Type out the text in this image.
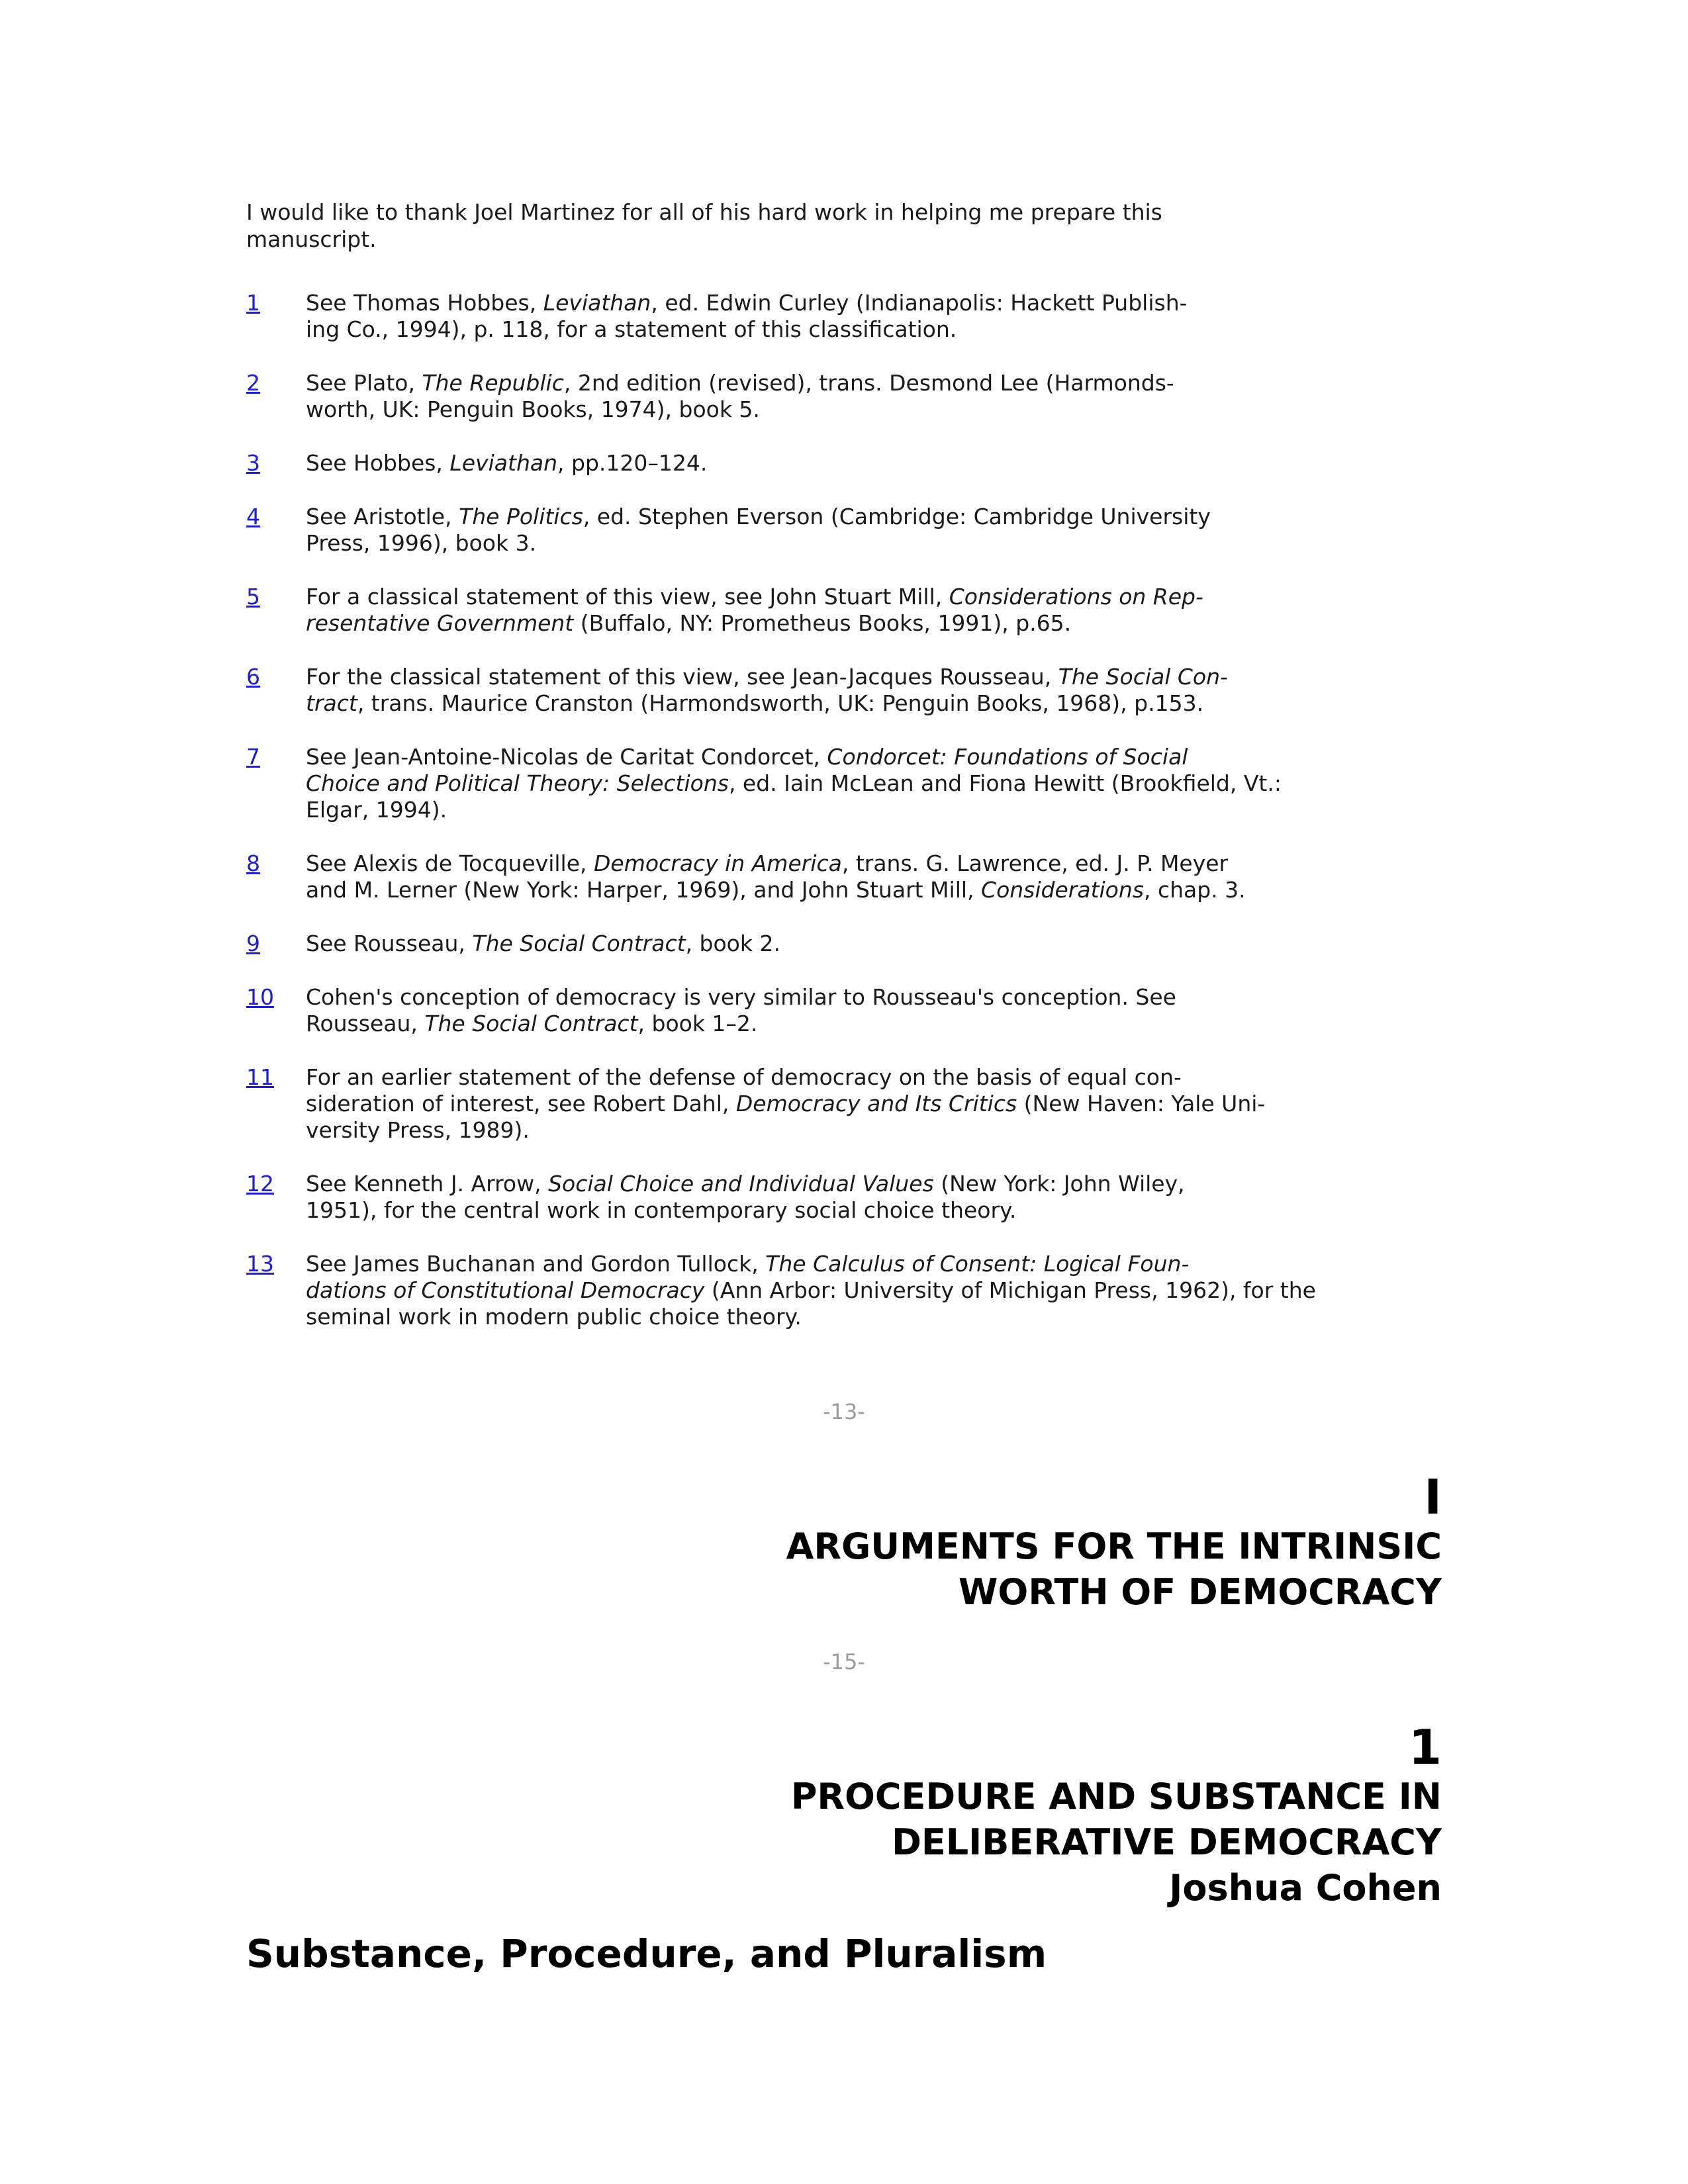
I would like to thank Joel Martinez for all of his hard work in helping me prepare this manuscript.

1 See Thomas Hobbes, Leviathan, ed. Edwin Curley (Indianapolis: Hackett Publish-
ing Co., 1994), p. 118, for a statement of this classification.
2 See Plato, The Republic, 2nd edition (revised), trans. Desmond Lee (Harmonds-
worth, UK: Penguin Books, 1974), book 5.
3 See Hobbes, Leviathan, pp.120–124.
4 See Aristotle, The Politics, ed. Stephen Everson (Cambridge: Cambridge University
Press, 1996), book 3.
5 For a classical statement of this view, see John Stuart Mill, Considerations on Rep-
resentative Government (Buffalo, NY: Prometheus Books, 1991), p.65.
6 For the classical statement of this view, see Jean-Jacques Rousseau, The Social Con-
tract, trans. Maurice Cranston (Harmondsworth, UK: Penguin Books, 1968), p.153.
7 See Jean-Antoine-Nicolas de Caritat Condorcet, Condorcet: Foundations of Social
Choice and Political Theory: Selections, ed. Iain McLean and Fiona Hewitt (Brookfield, Vt.:
Elgar, 1994).
8 See Alexis de Tocqueville, Democracy in America, trans. G. Lawrence, ed. J. P. Meyer
and M. Lerner (New York: Harper, 1969), and John Stuart Mill, Considerations, chap. 3.
9 See Rousseau, The Social Contract, book 2.
10 Cohen's conception of democracy is very similar to Rousseau's conception. See
Rousseau, The Social Contract, book 1–2.
11 For an earlier statement of the defense of democracy on the basis of equal con-
sideration of interest, see Robert Dahl, Democracy and Its Critics (New Haven: Yale Uni-
versity Press, 1989).
12 See Kenneth J. Arrow, Social Choice and Individual Values (New York: John Wiley,
1951), for the central work in contemporary social choice theory.
13 See James Buchanan and Gordon Tullock, The Calculus of Consent: Logical Foun-
dations of Constitutional Democracy (Ann Arbor: University of Michigan Press, 1962), for the
seminal work in modern public choice theory.

-13-

I
ARGUMENTS FOR THE INTRINSIC
WORTH OF DEMOCRACY

-15-

1
PROCEDURE AND SUBSTANCE IN
DELIBERATIVE DEMOCRACY
Joshua Cohen
Substance, Procedure, and Pluralism
